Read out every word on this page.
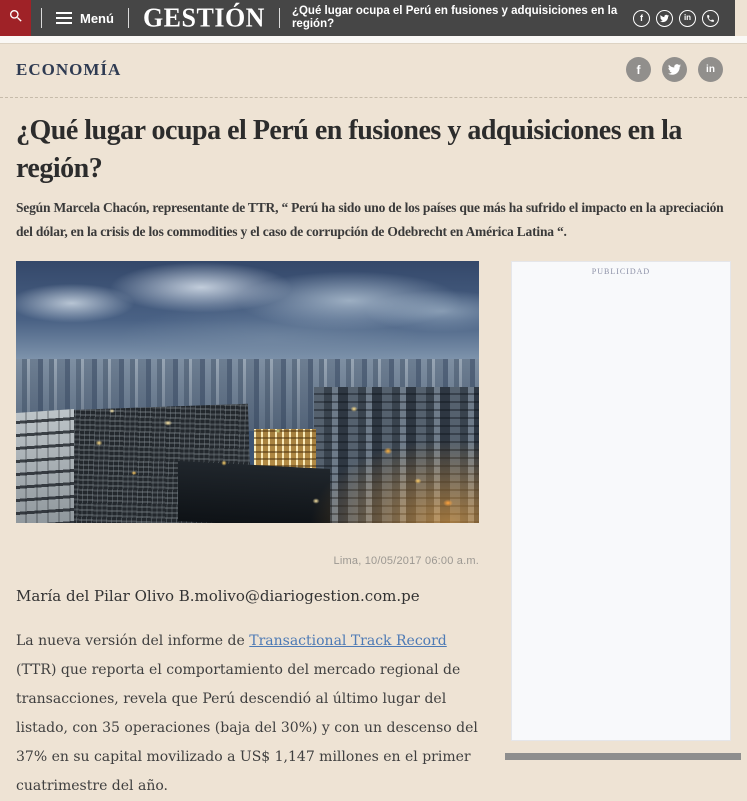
Menú	GESTIÓN	¿Qué lugar ocupa el Perú en fusiones y adquisiciones en la región?
f	in
ECONOMÍA	f	in
¿Qué lugar ocupa el Perú en fusiones y adquisiciones en la región?

Según Marcela Chacón, representante de TTR, “ Perú ha sido uno de los países que más ha sufrido el impacto en la apreciación del dólar, en la crisis de los commodities y el caso de corrupción de Odebrecht en América Latina “.

Lima, 10/05/2017 06:00 a.m.
María del Pilar Olivo B.molivo@diariogestion.com.pe

La nueva versión del informe de Transactional Track Record (TTR) que reporta el comportamiento del mercado regional de transacciones, revela que Perú descendió al último lugar del listado, con 35 operaciones (baja del 30%) y con un descenso del 37% en su capital movilizado a US$ 1,147 millones en el primer cuatrimestre del año.

PUBLICIDAD
